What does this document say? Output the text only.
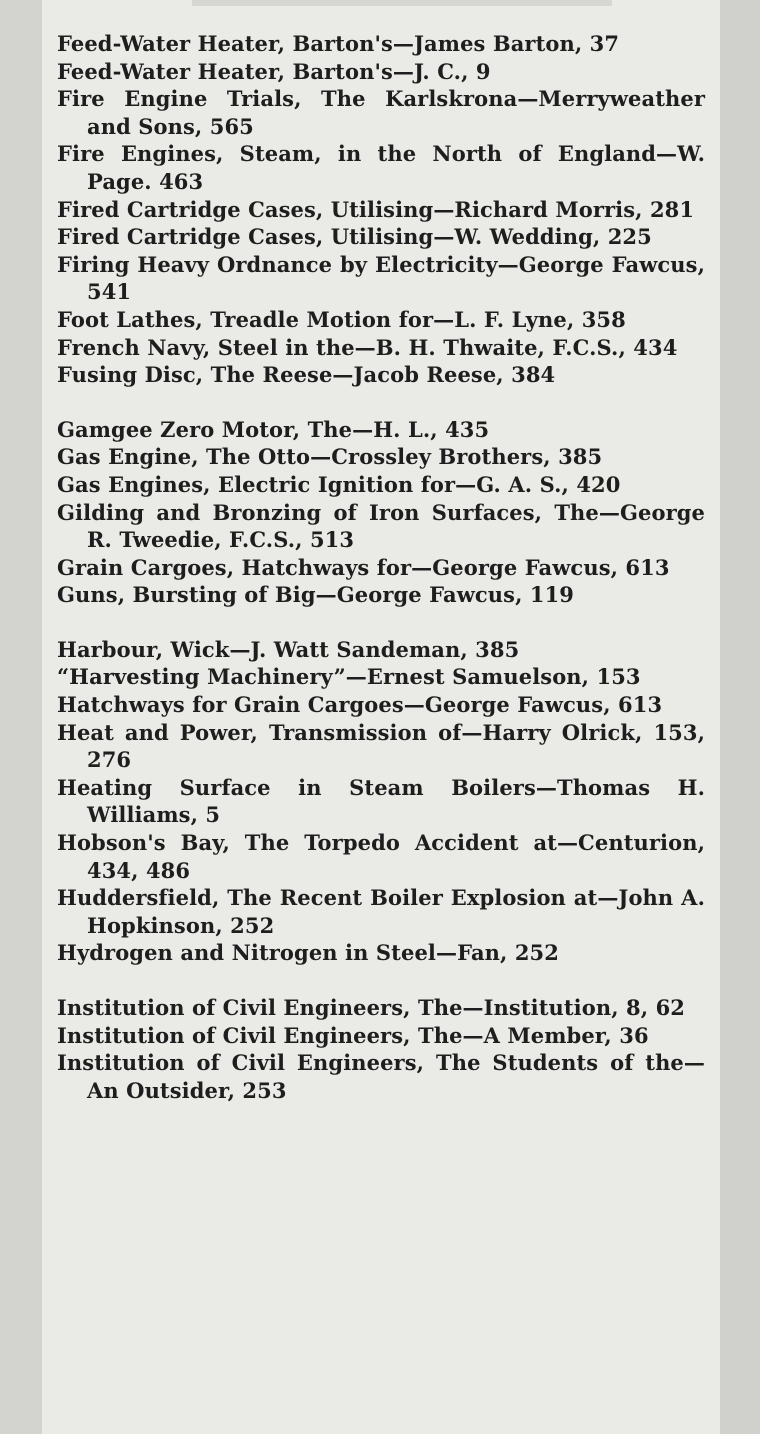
Feed-Water Heater, Barton's—James Barton, 37
Feed-Water Heater, Barton's—J. C., 9
Fire Engine Trials, The Karlskrona—Merryweather and Sons, 565
Fire Engines, Steam, in the North of England—W. Page. 463
Fired Cartridge Cases, Utilising—Richard Morris, 281
Fired Cartridge Cases, Utilising—W. Wedding, 225
Firing Heavy Ordnance by Electricity—George Fawcus, 541
Foot Lathes, Treadle Motion for—L. F. Lyne, 358
French Navy, Steel in the—B. H. Thwaite, F.C.S., 434
Fusing Disc, The Reese—Jacob Reese, 384
Gamgee Zero Motor, The—H. L., 435
Gas Engine, The Otto—Crossley Brothers, 385
Gas Engines, Electric Ignition for—G. A. S., 420
Gilding and Bronzing of Iron Surfaces, The—George R. Tweedie, F.C.S., 513
Grain Cargoes, Hatchways for—George Fawcus, 613
Guns, Bursting of Big—George Fawcus, 119
Harbour, Wick—J. Watt Sandeman, 385
“Harvesting Machinery”—Ernest Samuelson, 153
Hatchways for Grain Cargoes—George Fawcus, 613
Heat and Power, Transmission of—Harry Olrick, 153, 276
Heating Surface in Steam Boilers—Thomas H. Williams, 5
Hobson's Bay, The Torpedo Accident at—Centurion, 434, 486
Huddersfield, The Recent Boiler Explosion at—John A. Hopkinson, 252
Hydrogen and Nitrogen in Steel—Fan, 252
Institution of Civil Engineers, The—Institution, 8, 62
Institution of Civil Engineers, The—A Member, 36
Institution of Civil Engineers, The Students of the—An Outsider, 253
